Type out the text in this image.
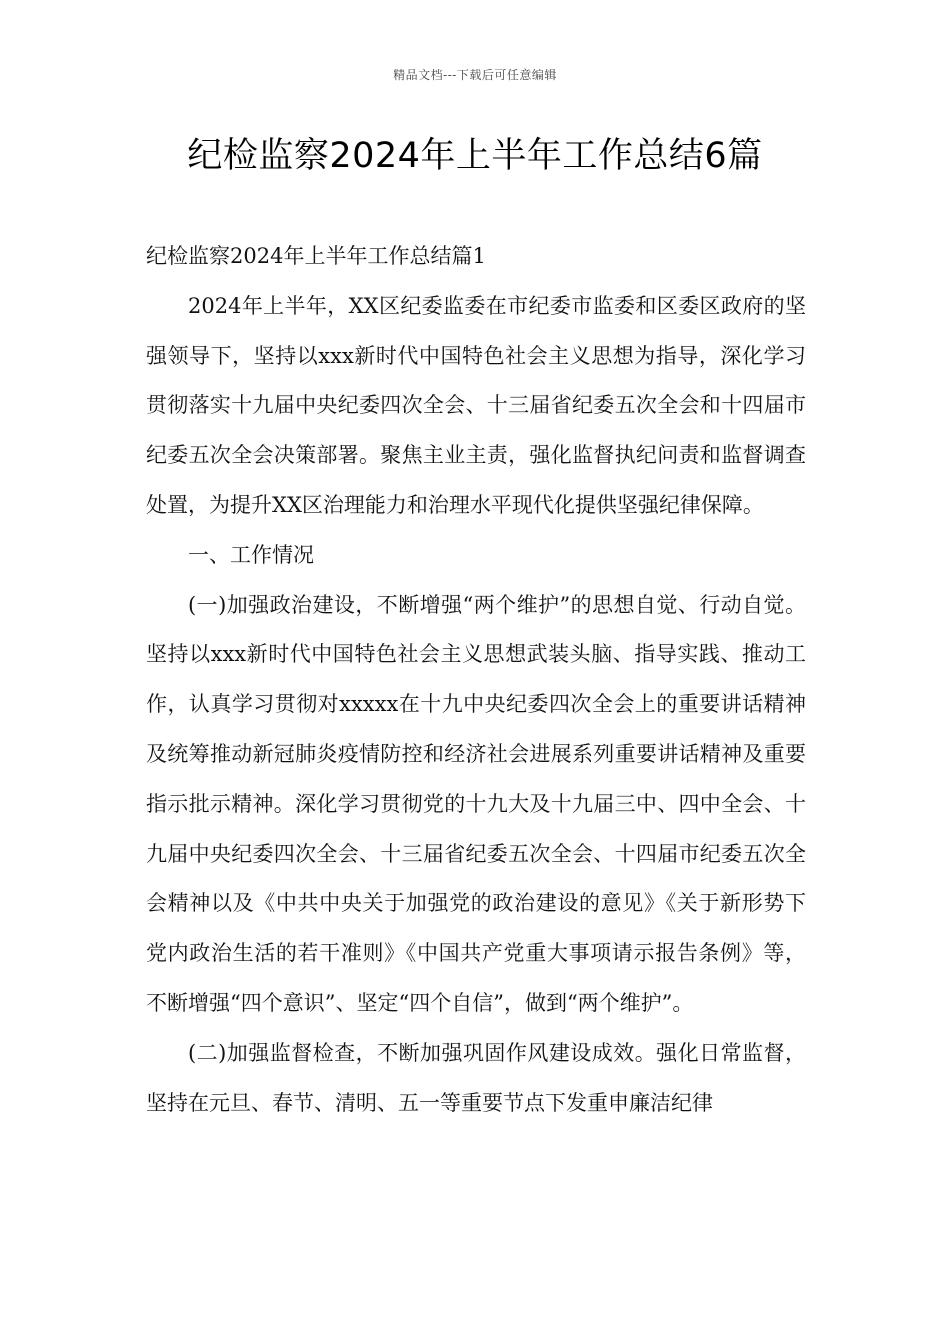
精品文档---下载后可任意编辑
纪检监察2024年上半年工作总结6篇
纪检监察2024年上半年工作总结篇1

2024年上半年，XX区纪委监委在市纪委市监委和区委区政府的坚强领导下，坚持以xxx新时代中国特色社会主义思想为指导，深化学习贯彻落实十九届中央纪委四次全会、十三届省纪委五次全会和十四届市纪委五次全会决策部署。聚焦主业主责，强化监督执纪问责和监督调查处置，为提升XX区治理能力和治理水平现代化提供坚强纪律保障。

一、工作情况

(一)加强政治建设，不断增强“两个维护”的思想自觉、行动自觉。坚持以xxx新时代中国特色社会主义思想武装头脑、指导实践、推动工作，认真学习贯彻对xxxxx在十九中央纪委四次全会上的重要讲话精神及统筹推动新冠肺炎疫情防控和经济社会进展系列重要讲话精神及重要指示批示精神。深化学习贯彻党的十九大及十九届三中、四中全会、十九届中央纪委四次全会、十三届省纪委五次全会、十四届市纪委五次全会精神以及《中共中央关于加强党的政治建设的意见》《关于新形势下党内政治生活的若干准则》《中国共产党重大事项请示报告条例》等，不断增强“四个意识”、坚定“四个自信”，做到“两个维护”。

(二)加强监督检查，不断加强巩固作风建设成效。强化日常监督，坚持在元旦、春节、清明、五一等重要节点下发重申廉洁纪律
